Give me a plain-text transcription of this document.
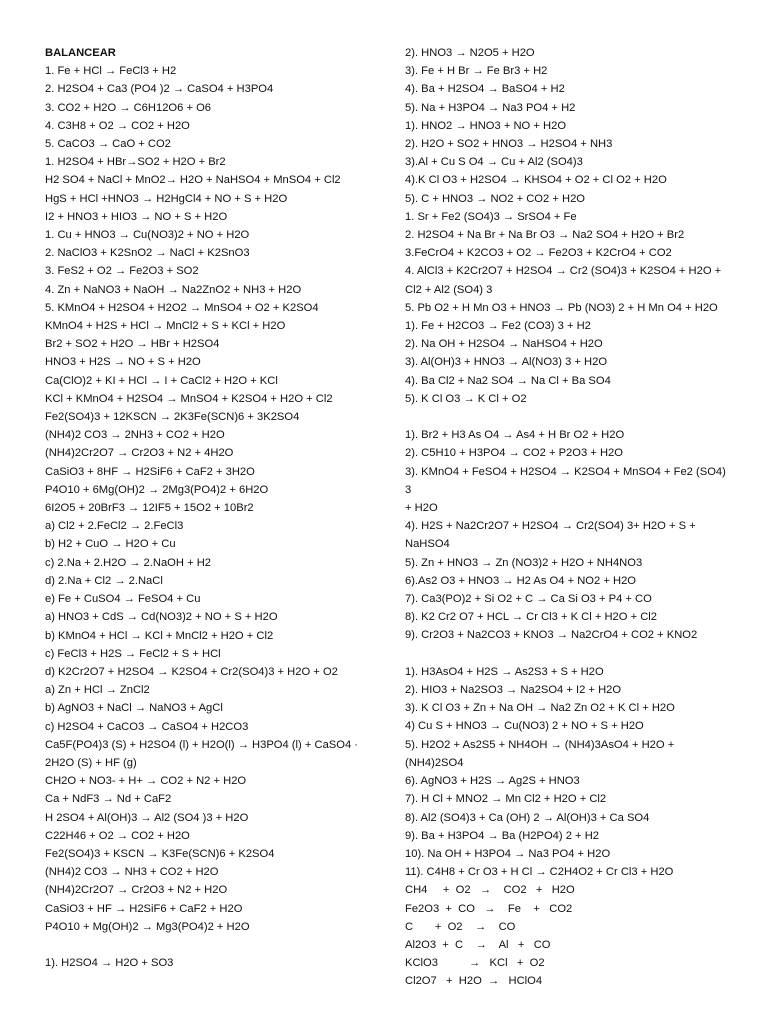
BALANCEAR
1. Fe + HCl → FeCl3 + H2
2. H2SO4 + Ca3 (PO4 )2 → CaSO4 + H3PO4
3. CO2 + H2O → C6H12O6 + O6
4. C3H8 + O2 → CO2 + H2O
5. CaCO3 → CaO + CO2
1. H2SO4 + HBr→SO2 + H2O + Br2
H2 SO4 + NaCl + MnO2→ H2O + NaHSO4 + MnSO4 + Cl2
HgS + HCl +HNO3 → H2HgCl4 + NO + S + H2O
I2 + HNO3 + HIO3 → NO + S + H2O
1. Cu + HNO3 → Cu(NO3)2 + NO + H2O
2. NaClO3 + K2SnO2 → NaCl + K2SnO3
3. FeS2 + O2 → Fe2O3 + SO2
4. Zn + NaNO3 + NaOH → Na2ZnO2 + NH3 + H2O
5. KMnO4 + H2SO4 + H2O2 → MnSO4 + O2 + K2SO4
KMnO4 + H2S + HCl → MnCl2 + S + KCl + H2O
Br2 + SO2 + H2O → HBr + H2SO4
HNO3 + H2S → NO + S + H2O
Ca(ClO)2 + KI + HCl → I + CaCl2 + H2O + KCl
KCl + KMnO4 + H2SO4 → MnSO4 + K2SO4 + H2O + Cl2
Fe2(SO4)3 + 12KSCN → 2K3Fe(SCN)6 + 3K2SO4
(NH4)2 CO3 → 2NH3 + CO2 + H2O
(NH4)2Cr2O7 → Cr2O3 + N2 + 4H2O
CaSiO3 + 8HF → H2SiF6 + CaF2 + 3H2O
P4O10 + 6Mg(OH)2 → 2Mg3(PO4)2 + 6H2O
6I2O5 + 20BrF3 → 12IF5 + 15O2 + 10Br2
a) Cl2 + 2.FeCl2 → 2.FeCl3
b) H2 + CuO → H2O + Cu
c) 2.Na + 2.H2O → 2.NaOH + H2
d) 2.Na + Cl2 → 2.NaCl
e) Fe + CuSO4 → FeSO4 + Cu
a) HNO3 + CdS → Cd(NO3)2 + NO + S + H2O
b) KMnO4 + HCl → KCl + MnCl2 + H2O + Cl2
c) FeCl3 + H2S → FeCl2 + S + HCl
d) K2Cr2O7 + H2SO4 → K2SO4 + Cr2(SO4)3 + H2O + O2
a) Zn + HCl → ZnCl2
b) AgNO3 + NaCl → NaNO3 + AgCl
c) H2SO4 + CaCO3 → CaSO4 + H2CO3
Ca5F(PO4)3 (S) + H2SO4 (l) + H2O(l) → H3PO4 (l) + CaSO4 ·
2H2O (S) + HF (g)
CH2O + NO3- + H+ → CO2 + N2 + H2O
Ca + NdF3 → Nd + CaF2
H 2SO4 + Al(OH)3 → Al2 (SO4 )3 + H2O
C22H46 + O2 → CO2 + H2O
Fe2(SO4)3 + KSCN → K3Fe(SCN)6 + K2SO4
(NH4)2 CO3 → NH3 + CO2 + H2O
(NH4)2Cr2O7 → Cr2O3 + N2 + H2O
CaSiO3 + HF → H2SiF6 + CaF2 + H2O
P4O10 + Mg(OH)2 → Mg3(PO4)2 + H2O
1). H2SO4 → H2O + SO3
2). HNO3 → N2O5 + H2O
3). Fe + H Br → Fe Br3 + H2
4). Ba + H2SO4 → BaSO4 + H2
5). Na + H3PO4 → Na3 PO4 + H2
1). HNO2 → HNO3 + NO + H2O
2). H2O + SO2 + HNO3 → H2SO4 + NH3
3).Al + Cu S O4 → Cu + Al2 (SO4)3
4).K Cl O3 + H2SO4 → KHSO4 + O2 + Cl O2 + H2O
5). C + HNO3 → NO2 + CO2 + H2O
1. Sr + Fe2 (SO4)3 → SrSO4 + Fe
2. H2SO4 + Na Br + Na Br O3 → Na2 SO4 + H2O + Br2
3.FeCrO4 + K2CO3 + O2 → Fe2O3 + K2CrO4 + CO2
4. AlCl3 + K2Cr2O7 + H2SO4 → Cr2 (SO4)3 + K2SO4 + H2O +
Cl2 + Al2 (SO4) 3
5. Pb O2 + H Mn O3 + HNO3 → Pb (NO3) 2 + H Mn O4 + H2O
1). Fe + H2CO3 → Fe2 (CO3) 3 + H2
2). Na OH + H2SO4 → NaHSO4 + H2O
3). Al(OH)3 + HNO3 → Al(NO3) 3 + H2O
4). Ba Cl2 + Na2 SO4 → Na Cl + Ba SO4
5). K Cl O3 → K Cl + O2
1). Br2 + H3 As O4 → As4 + H Br O2 + H2O
2). C5H10 + H3PO4 → CO2 + P2O3 + H2O
3). KMnO4 + FeSO4 + H2SO4 → K2SO4 + MnSO4 + Fe2 (SO4) 3
+ H2O
4). H2S + Na2Cr2O7 + H2SO4 → Cr2(SO4) 3+ H2O + S +
NaHSO4
5). Zn + HNO3 → Zn (NO3)2 + H2O + NH4NO3
6).As2 O3 + HNO3 → H2 As O4 + NO2 + H2O
7). Ca3(PO)2 + Si O2 + C → Ca Si O3 + P4 + CO
8). K2 Cr2 O7 + HCL → Cr Cl3 + K Cl + H2O + Cl2
9). Cr2O3 + Na2CO3 + KNO3 → Na2CrO4 + CO2 + KNO2
1). H3AsO4 + H2S → As2S3 + S + H2O
2). HIO3 + Na2SO3 → Na2SO4 + I2 + H2O
3). K Cl O3 + Zn + Na OH → Na2 Zn O2 + K Cl + H2O
4) Cu S + HNO3 → Cu(NO3) 2 + NO + S + H2O
5). H2O2 + As2S5 + NH4OH → (NH4)3AsO4 + H2O +
(NH4)2SO4
6). AgNO3 + H2S → Ag2S + HNO3
7). H Cl + MNO2 → Mn Cl2 + H2O + Cl2
8). Al2 (SO4)3 + Ca (OH) 2 → Al(OH)3 + Ca SO4
9). Ba + H3PO4 → Ba (H2PO4) 2 + H2
10). Na OH + H3PO4 → Na3 PO4 + H2O
11). C4H8 + Cr O3 + H Cl → C2H4O2 + Cr Cl3 + H2O
CH4     +  O2   →    CO2   +   H2O
Fe2O3  +  CO   →    Fe    +   CO2
C       +  O2    →    CO
Al2O3  +  C    →    Al   +   CO
KClO3          →   KCl   +  O2
Cl2O7   +  H2O  →   HClO4
